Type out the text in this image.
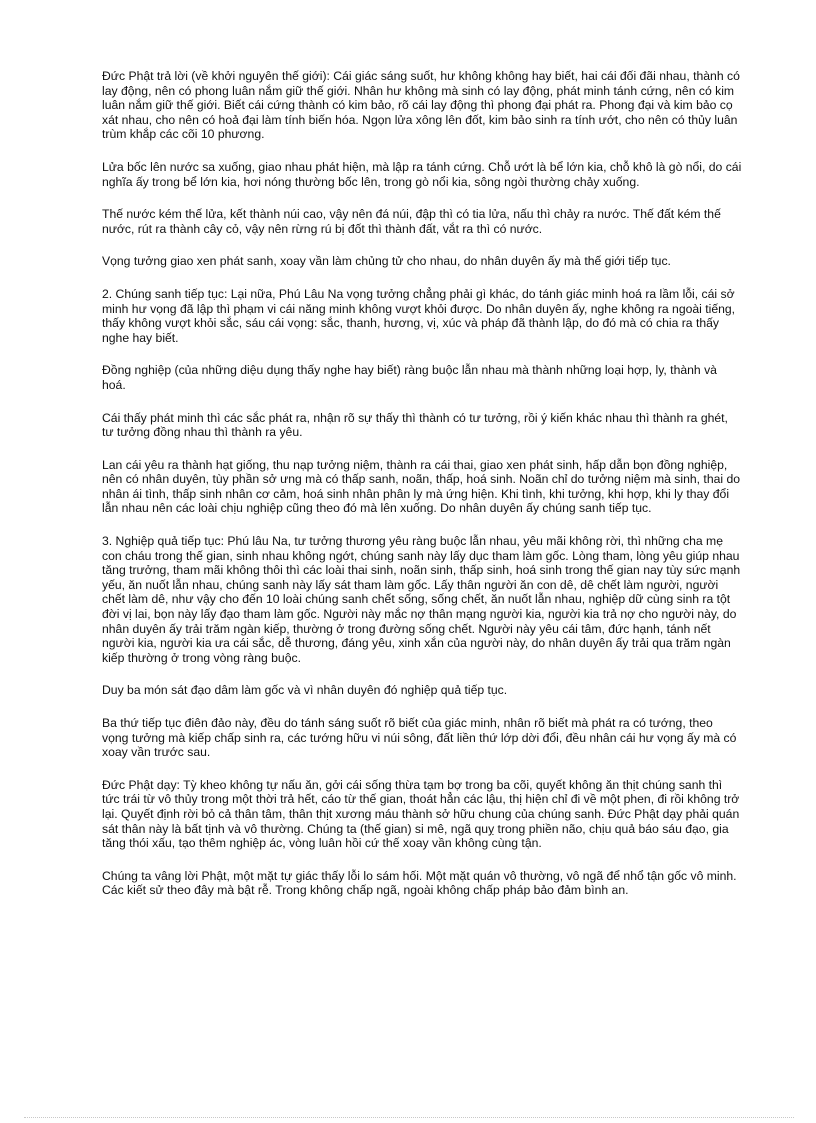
Đức Phật trả lời (về khởi nguyên thế giới): Cái giác sáng suốt, hư không không hay biết, hai cái đối đãi nhau, thành có lay động, nên có phong luân nắm giữ thế giới. Nhân hư không mà sinh có lay động, phát minh tánh cứng, nên có kim luân nắm giữ thế giới. Biết cái cứng thành có kim bảo, rõ cái lay động thì phong đại phát ra. Phong đại và kim bảo cọ xát nhau, cho nên có hoả đại làm tính biến hóa. Ngọn lửa xông lên đốt, kim bảo sinh ra tính ướt, cho nên có thủy luân trùm khắp các cõi 10 phương.

Lửa bốc lên nước sa xuống, giao nhau phát hiện, mà lập ra tánh cứng. Chỗ ướt là bể lớn kia, chỗ khô là gò nổi, do cái nghĩa ấy trong bể lớn kia, hơi nóng thường bốc lên, trong gò nổi kia, sông ngòi thường chảy xuống.

Thế nước kém thế lửa, kết thành núi cao, vậy nên đá núi, đập thì có tia lửa, nấu thì chảy ra nước. Thế đất kém thế nước, rút ra thành cây cỏ, vậy nên rừng rú bị đốt thì thành đất, vắt ra thì có nước.

Vọng tưởng giao xen phát sanh, xoay vần làm chủng tử cho nhau, do nhân duyên ấy mà thế giới tiếp tục.

2. Chúng sanh tiếp tục: Lại nữa, Phú Lâu Na vọng tưởng chẳng phải gì khác, do tánh giác minh hoá ra lầm lỗi, cái sở minh hư vọng đã lập thì phạm vi cái năng minh không vượt khỏi được. Do nhân duyên ấy, nghe không ra ngoài tiếng, thấy không vượt khỏi sắc, sáu cái vọng: sắc, thanh, hương, vị, xúc và pháp đã thành lập, do đó mà có chia ra thấy nghe hay biết.

Đồng nghiệp (của những diệu dụng thấy nghe hay biết) ràng buộc lẫn nhau mà thành những loại hợp, ly, thành và hoá.

Cái thấy phát minh thì các sắc phát ra, nhận rõ sự thấy thì thành có tư tưởng, rồi ý kiến khác nhau thì thành ra ghét, tư tưởng đồng nhau thì thành ra yêu.

Lan cái yêu ra thành hạt giống, thu nạp tưởng niệm, thành ra cái thai, giao xen phát sinh, hấp dẫn bọn đồng nghiệp, nên có nhân duyên, tùy phần sở ưng mà có thấp sanh, noãn, thấp, hoá sinh. Noãn chỉ do tưởng niệm mà sinh, thai do nhân ái tình, thấp sinh nhân cơ cảm, hoá sinh nhân phân ly mà ứng hiện. Khi tình, khi tưởng, khi hợp, khi ly thay đổi lẫn nhau nên các loài chịu nghiệp cũng theo đó mà lên xuống. Do nhân duyên ấy chúng sanh tiếp tục.

3. Nghiệp quả tiếp tục: Phú lâu Na, tư tưởng thương yêu ràng buộc lẫn nhau, yêu mãi không rời, thì những cha mẹ con cháu trong thế gian, sinh nhau không ngớt, chúng sanh này lấy dục tham làm gốc. Lòng tham, lòng yêu giúp nhau tăng trưởng, tham mãi không thôi thì các loài thai sinh, noãn sinh, thấp sinh, hoá sinh trong thế gian nay tùy sức mạnh yếu, ăn nuốt lẫn nhau, chúng sanh này lấy sát tham làm gốc. Lấy thân người ăn con dê, dê chết làm người, người chết làm dê, như vậy cho đến 10 loài chúng sanh chết sống, sống chết, ăn nuốt lẫn nhau, nghiệp dữ cùng sinh ra tột đời vị lai, bọn này lấy đạo tham làm gốc. Người này mắc nợ thân mạng người kia, người kia trả nợ cho người này, do nhân duyên ấy trải trăm ngàn kiếp, thường ở trong đường sống chết. Người này yêu cái tâm, đức hạnh, tánh nết người kia, người kia ưa cái sắc, dễ thương, đáng yêu, xinh xắn của người này, do nhân duyên ấy trải qua trăm ngàn kiếp thường ở trong vòng ràng buộc.

Duy ba món sát đạo dâm làm gốc và vì nhân duyên đó nghiệp quả tiếp tục.

Ba thứ tiếp tục điên đảo này, đều do tánh sáng suốt rõ biết của giác minh, nhân rõ biết mà phát ra có tướng, theo vọng tưởng mà kiếp chấp sinh ra, các tướng hữu vi núi sông, đất liền thứ lớp dời đổi, đều nhân cái hư vọng ấy mà có xoay vần trước sau.

Đức Phật dạy: Tỳ kheo không tự nấu ăn, gởi cái sống thừa tạm bợ trong ba cõi, quyết không ăn thịt chúng sanh thì tức trái từ vô thủy trong một thời trả hết, cáo từ thế gian, thoát hẳn các lậu, thị hiện chỉ đi về một phen, đi rồi không trở lại. Quyết định rời bỏ cả thân tâm, thân thịt xương máu thành sở hữu chung của chúng sanh. Đức Phật dạy phải quán sát thân này là bất tịnh và vô thường. Chúng ta (thế gian) si mê, ngã quỵ trong phiền não, chịu quả báo sáu đạo, gia tăng thói xấu, tạo thêm nghiệp ác, vòng luân hồi cứ thế xoay vần không cùng tận.

Chúng ta vâng lời Phật, một mặt tự giác thấy lỗi lo sám hối. Một mặt quán vô thường, vô ngã để nhổ tận gốc vô minh. Các kiết sử theo đây mà bật rễ. Trong không chấp ngã, ngoài không chấp pháp bảo đảm bình an.
